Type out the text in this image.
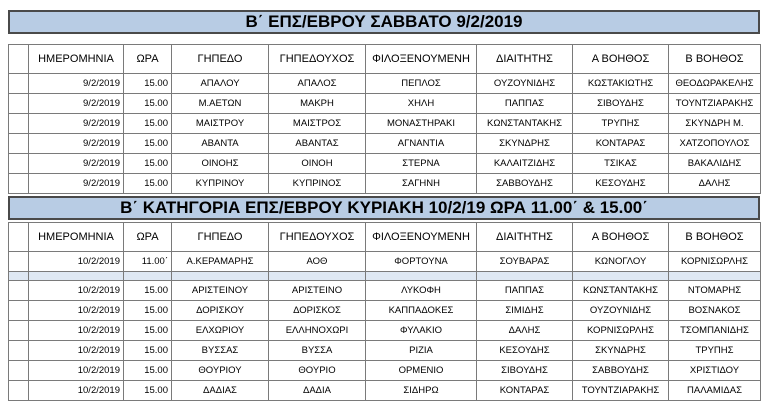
Β΄ ΕΠΣ/ΕΒΡΟΥ ΣΑΒΒΑΤΟ 9/2/2019
	ΗΜΕΡΟΜΗΝΙΑ	ΩΡΑ	ΓΗΠΕΔΟ	ΓΗΠΕΔΟΥΧΟΣ	ΦΙΛΟΞΕΝΟΥΜΕΝΗ	ΔΙΑΙΤΗΤΗΣ	Α ΒΟΗΘΟΣ	Β ΒΟΗΘΟΣ
	9/2/2019	15.00	ΑΠΑΛΟΥ	ΑΠΑΛΟΣ	ΠΕΠΛΟΣ	ΟΥΖΟΥΝΙΔΗΣ	ΚΩΣΤΑΚΙΩΤΗΣ	ΘΕΟΔΩΡΑΚΕΛΗΣ
	9/2/2019	15.00	Μ.ΑΕΤΩΝ	ΜΑΚΡΗ	ΧΗΛΗ	ΠΑΠΠΑΣ	ΣΙΒΟΥΔΗΣ	ΤΟΥΝΤΖΙΑΡΑΚΗΣ
	9/2/2019	15.00	ΜΑΙΣΤΡΟΥ	ΜΑΙΣΤΡΟΣ	ΜΟΝΑΣΤΗΡΑΚΙ	ΚΩΝΣΤΑΝΤΑΚΗΣ	ΤΡΥΠΗΣ	ΣΚΥΝΔΡΗ Μ.
	9/2/2019	15.00	ΑΒΑΝΤΑ	ΑΒΑΝΤΑΣ	ΑΓΝΑΝΤΙΑ	ΣΚΥΝΔΡΗΣ	ΚΟΝΤΑΡΑΣ	ΧΑΤΖΟΠΟΥΛΟΣ
	9/2/2019	15.00	ΟΙΝΟΗΣ	ΟΙΝΟΗ	ΣΤΕΡΝΑ	ΚΑΛΑΙΤΖΙΔΗΣ	ΤΣΙΚΑΣ	ΒΑΚΑΛΙΔΗΣ
	9/2/2019	15.00	ΚΥΠΡΙΝΟΥ	ΚΥΠΡΙΝΟΣ	ΣΑΓΗΝΗ	ΣΑΒΒΟΥΔΗΣ	ΚΕΣΟΥΔΗΣ	ΔΑΛΗΣ
Β΄ ΚΑΤΗΓΟΡΙΑ ΕΠΣ/ΕΒΡΟΥ ΚΥΡΙΑΚΗ 10/2/19 ΩΡΑ 11.00΄ & 15.00΄
	ΗΜΕΡΟΜΗΝΙΑ	ΩΡΑ	ΓΗΠΕΔΟ	ΓΗΠΕΔΟΥΧΟΣ	ΦΙΛΟΞΕΝΟΥΜΕΝΗ	ΔΙΑΙΤΗΤΗΣ	Α ΒΟΗΘΟΣ	Β ΒΟΗΘΟΣ
	10/2/2019	11.00΄	Α.ΚΕΡΑΜΑΡΗΣ	ΑΟΘ	ΦΟΡΤΟΥΝΑ	ΣΟΥΒΑΡΑΣ	ΚΩΝΟΓΛΟΥ	ΚΟΡΝΙΣΩΡΛΗΣ

	10/2/2019	15.00	ΑΡΙΣΤΕΙΝΟΥ	ΑΡΙΣΤΕΙΝΟ	ΛΥΚΟΦΗ	ΠΑΠΠΑΣ	ΚΩΝΣΤΑΝΤΑΚΗΣ	ΝΤΟΜΑΡΗΣ
	10/2/2019	15.00	ΔΟΡΙΣΚΟΥ	ΔΟΡΙΣΚΟΣ	ΚΑΠΠΑΔΟΚΕΣ	ΣΙΜΙΔΗΣ	ΟΥΖΟΥΝΙΔΗΣ	ΒΟΣΝΑΚΟΣ
	10/2/2019	15.00	ΕΛΧΩΡΙΟΥ	ΕΛΛΗΝΟΧΩΡΙ	ΦΥΛΑΚΙΟ	ΔΑΛΗΣ	ΚΟΡΝΙΣΩΡΛΗΣ	ΤΣΟΜΠΑΝΙΔΗΣ
	10/2/2019	15.00	ΒΥΣΣΑΣ	ΒΥΣΣΑ	ΡΙΖΙΑ	ΚΕΣΟΥΔΗΣ	ΣΚΥΝΔΡΗΣ	ΤΡΥΠΗΣ
	10/2/2019	15.00	ΘΟΥΡΙΟΥ	ΘΟΥΡΙΟ	ΟΡΜΕΝΙΟ	ΣΙΒΟΥΔΗΣ	ΣΑΒΒΟΥΔΗΣ	ΧΡΙΣΤΙΔΟΥ
	10/2/2019	15.00	ΔΑΔΙΑΣ	ΔΑΔΙΑ	ΣΙΔΗΡΩ	ΚΟΝΤΑΡΑΣ	ΤΟΥΝΤΖΙΑΡΑΚΗΣ	ΠΑΛΑΜΙΔΑΣ
